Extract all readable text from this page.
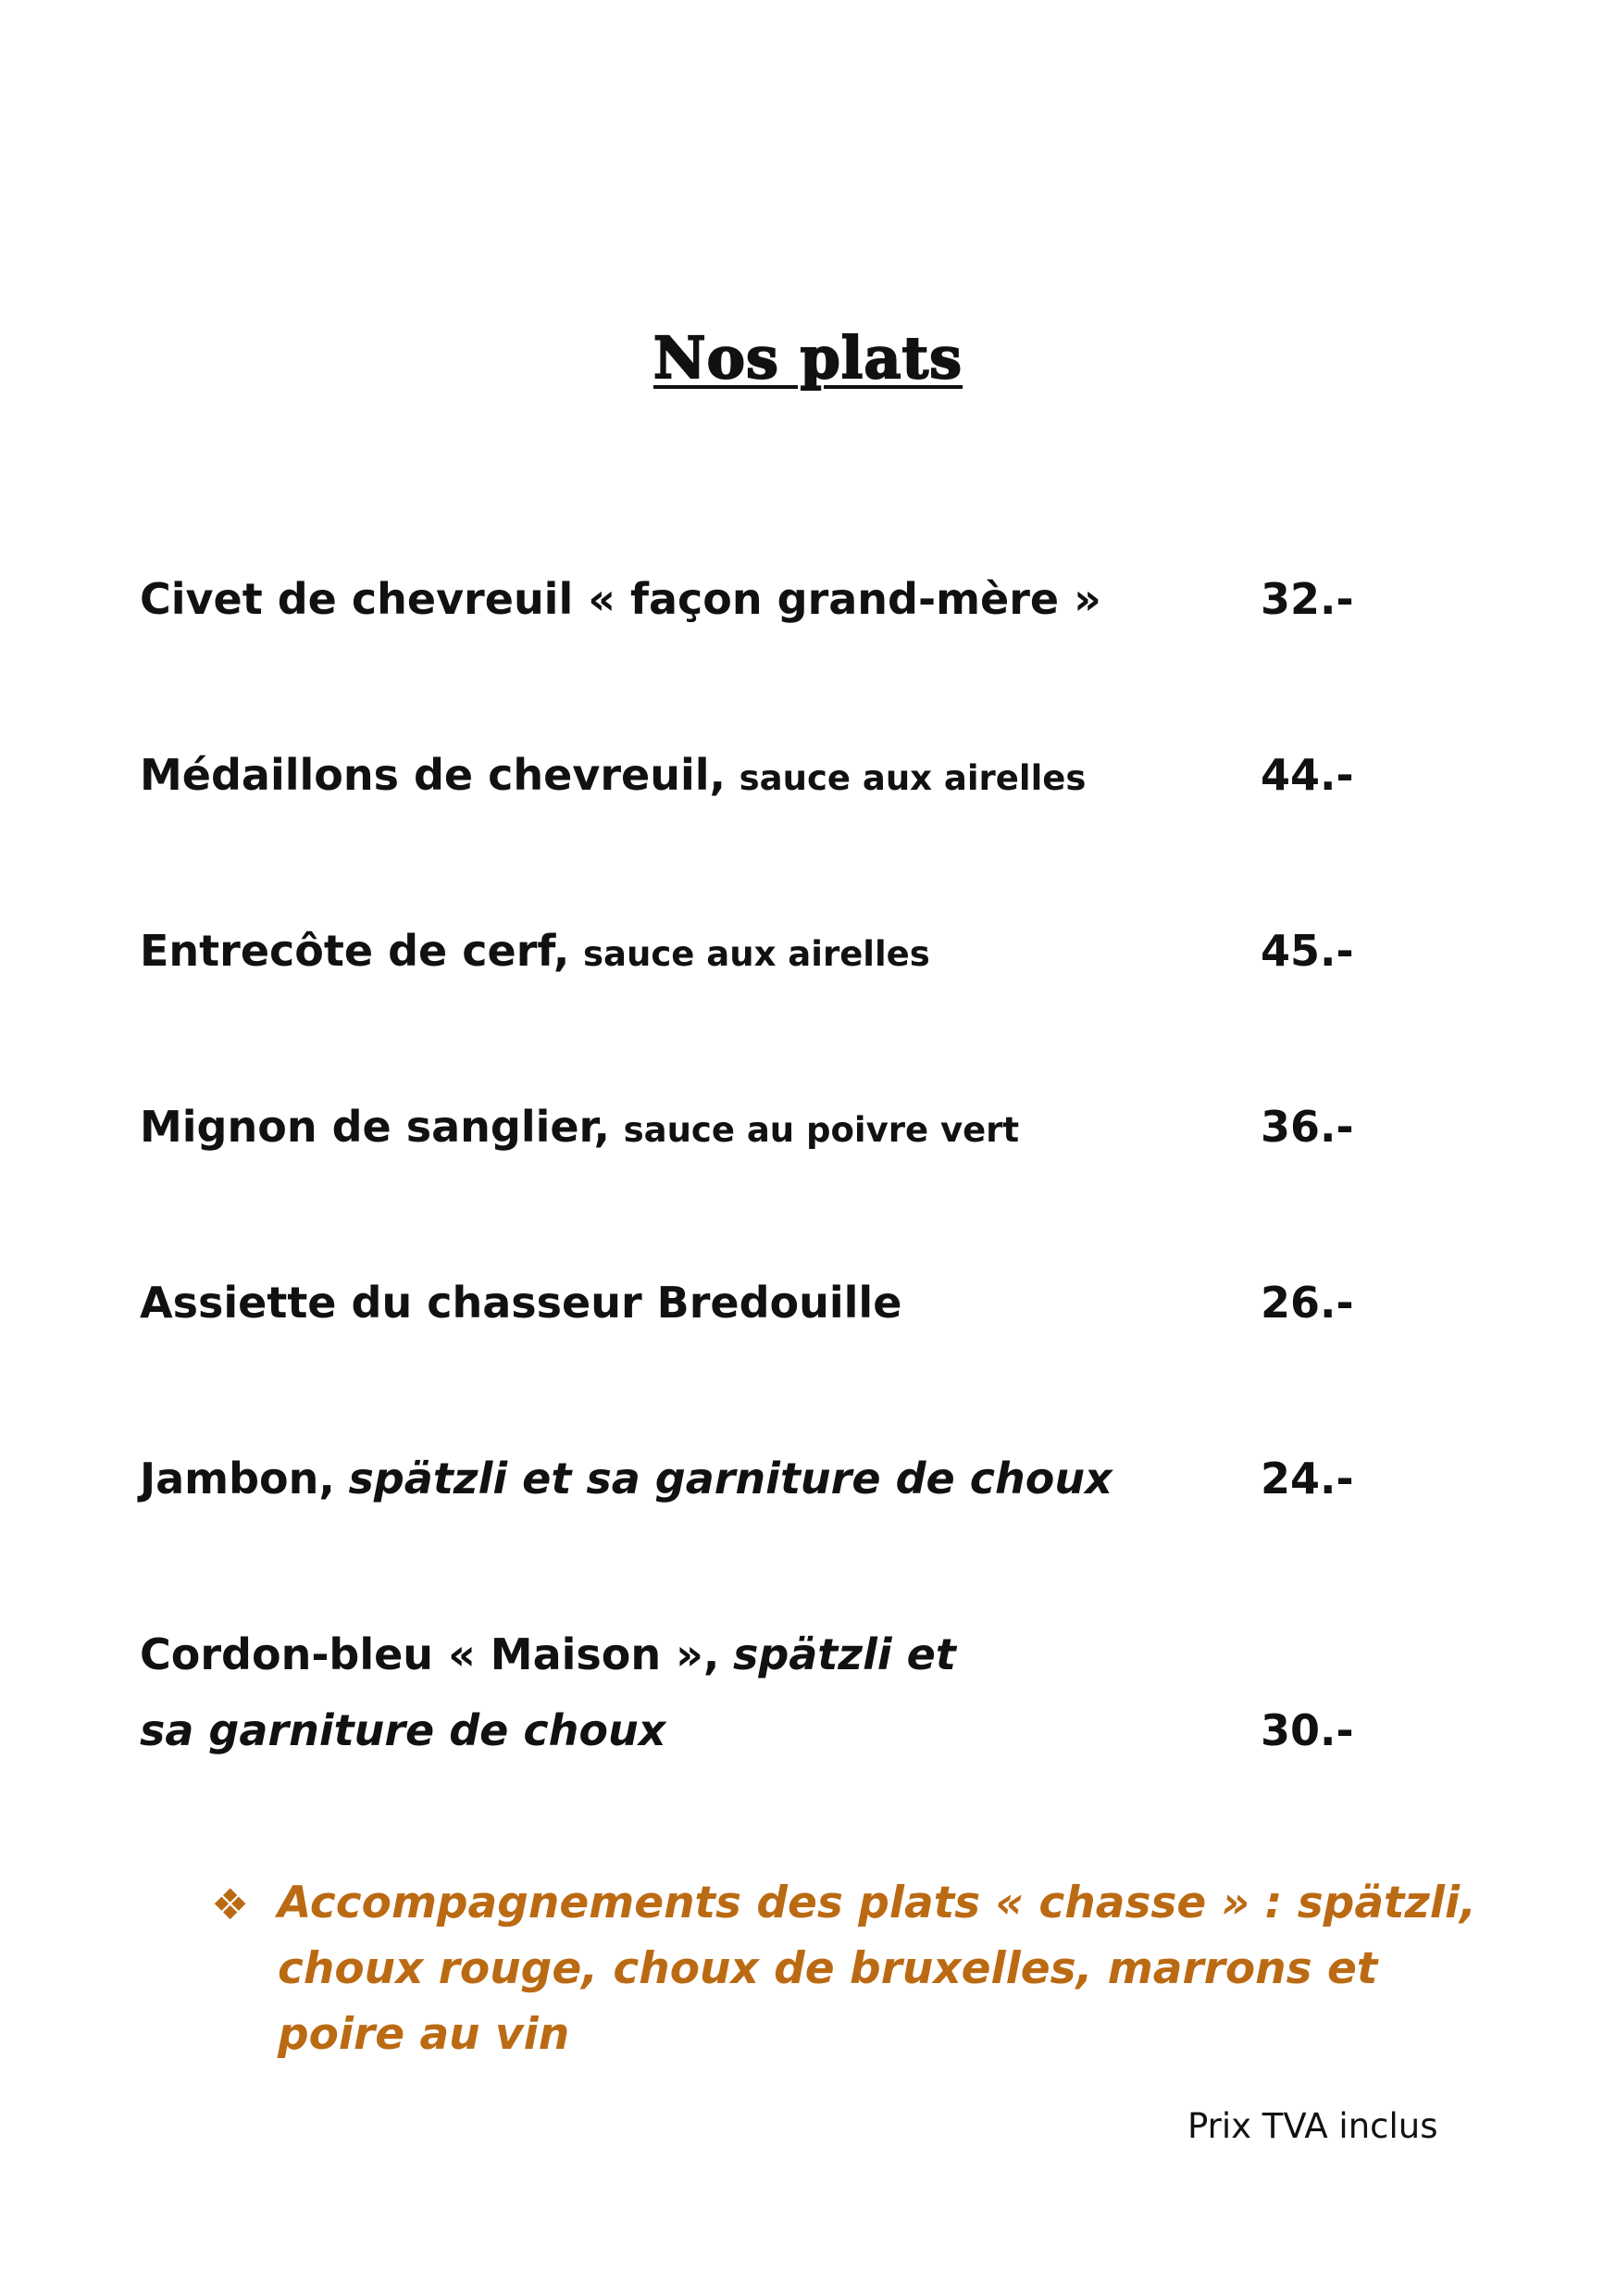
Nos plats
Civet de chevreuil « façon grand-mère »	32.-
Médaillons de chevreuil, sauce aux airelles	44.-
Entrecôte de cerf, sauce aux airelles	45.-
Mignon de sanglier, sauce au poivre vert	36.-
Assiette du chasseur Bredouille	26.-
Jambon, spätzli et sa garniture de choux	24.-
Cordon-bleu « Maison », spätzli et
sa garniture de choux	30.-
❖ Accompagnements des plats « chasse » : spätzli, choux rouge, choux de bruxelles, marrons et poire au vin
Prix TVA inclus
